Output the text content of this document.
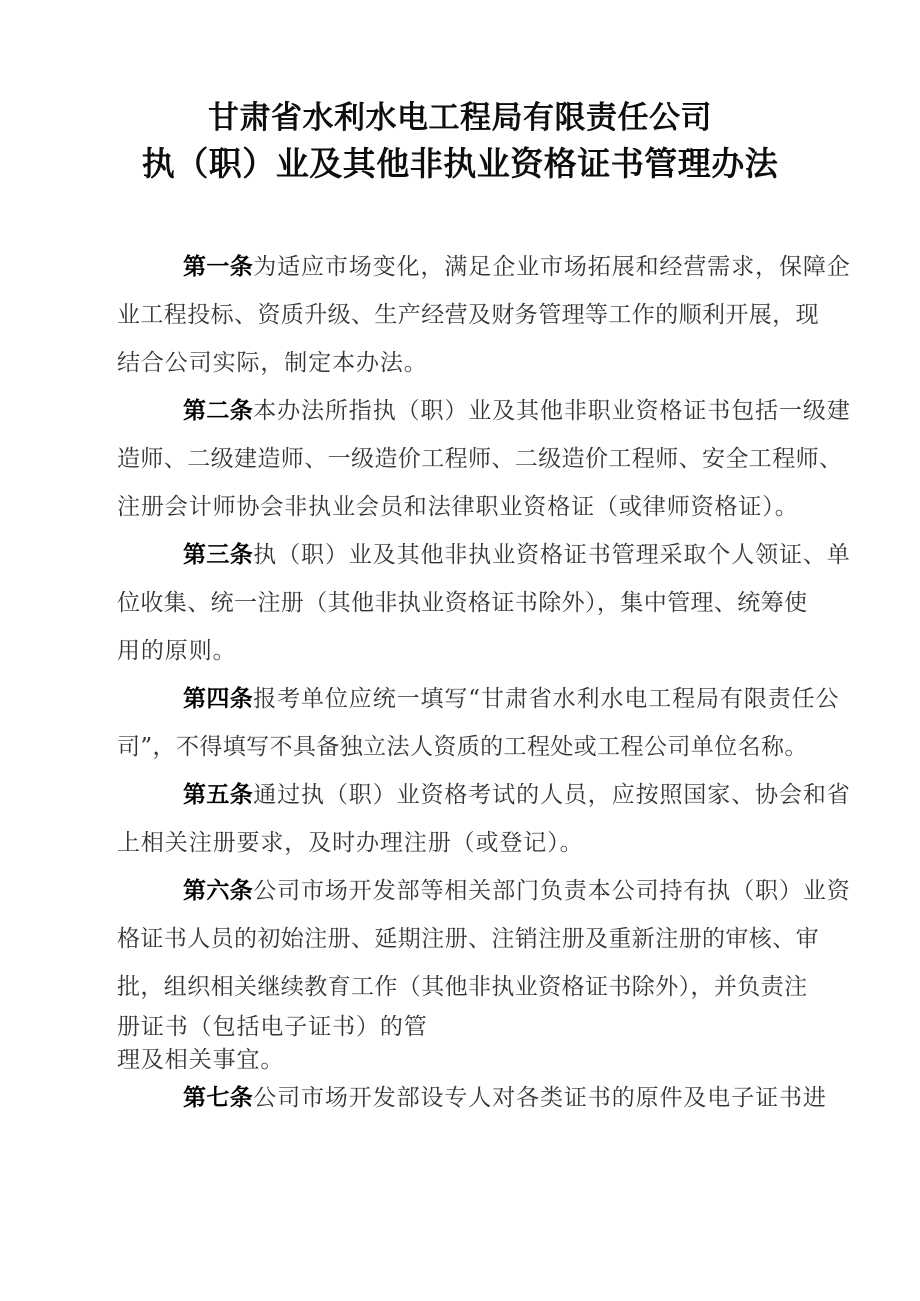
甘肃省水利水电工程局有限责任公司
执（职）业及其他非执业资格证书管理办法
第一条为适应市场变化，满足企业市场拓展和经营需求，保障企
业工程投标、资质升级、生产经营及财务管理等工作的顺利开展，现
结合公司实际，制定本办法。
第二条本办法所指执（职）业及其他非职业资格证书包括一级建
造师、二级建造师、一级造价工程师、二级造价工程师、安全工程师、
注册会计师协会非执业会员和法律职业资格证（或律师资格证）。
第三条执（职）业及其他非执业资格证书管理采取个人领证、单
位收集、统一注册（其他非执业资格证书除外），集中管理、统筹使
用的原则。
第四条报考单位应统一填写“甘肃省水利水电工程局有限责任公
司”，不得填写不具备独立法人资质的工程处或工程公司单位名称。
第五条通过执（职）业资格考试的人员，应按照国家、协会和省
上相关注册要求，及时办理注册（或登记）。
第六条公司市场开发部等相关部门负责本公司持有执（职）业资
格证书人员的初始注册、延期注册、注销注册及重新注册的审核、审
批，组织相关继续教育工作（其他非执业资格证书除外），并负责注
册证书（包括电子证书）的管
理及相关事宜。
第七条公司市场开发部设专人对各类证书的原件及电子证书进
